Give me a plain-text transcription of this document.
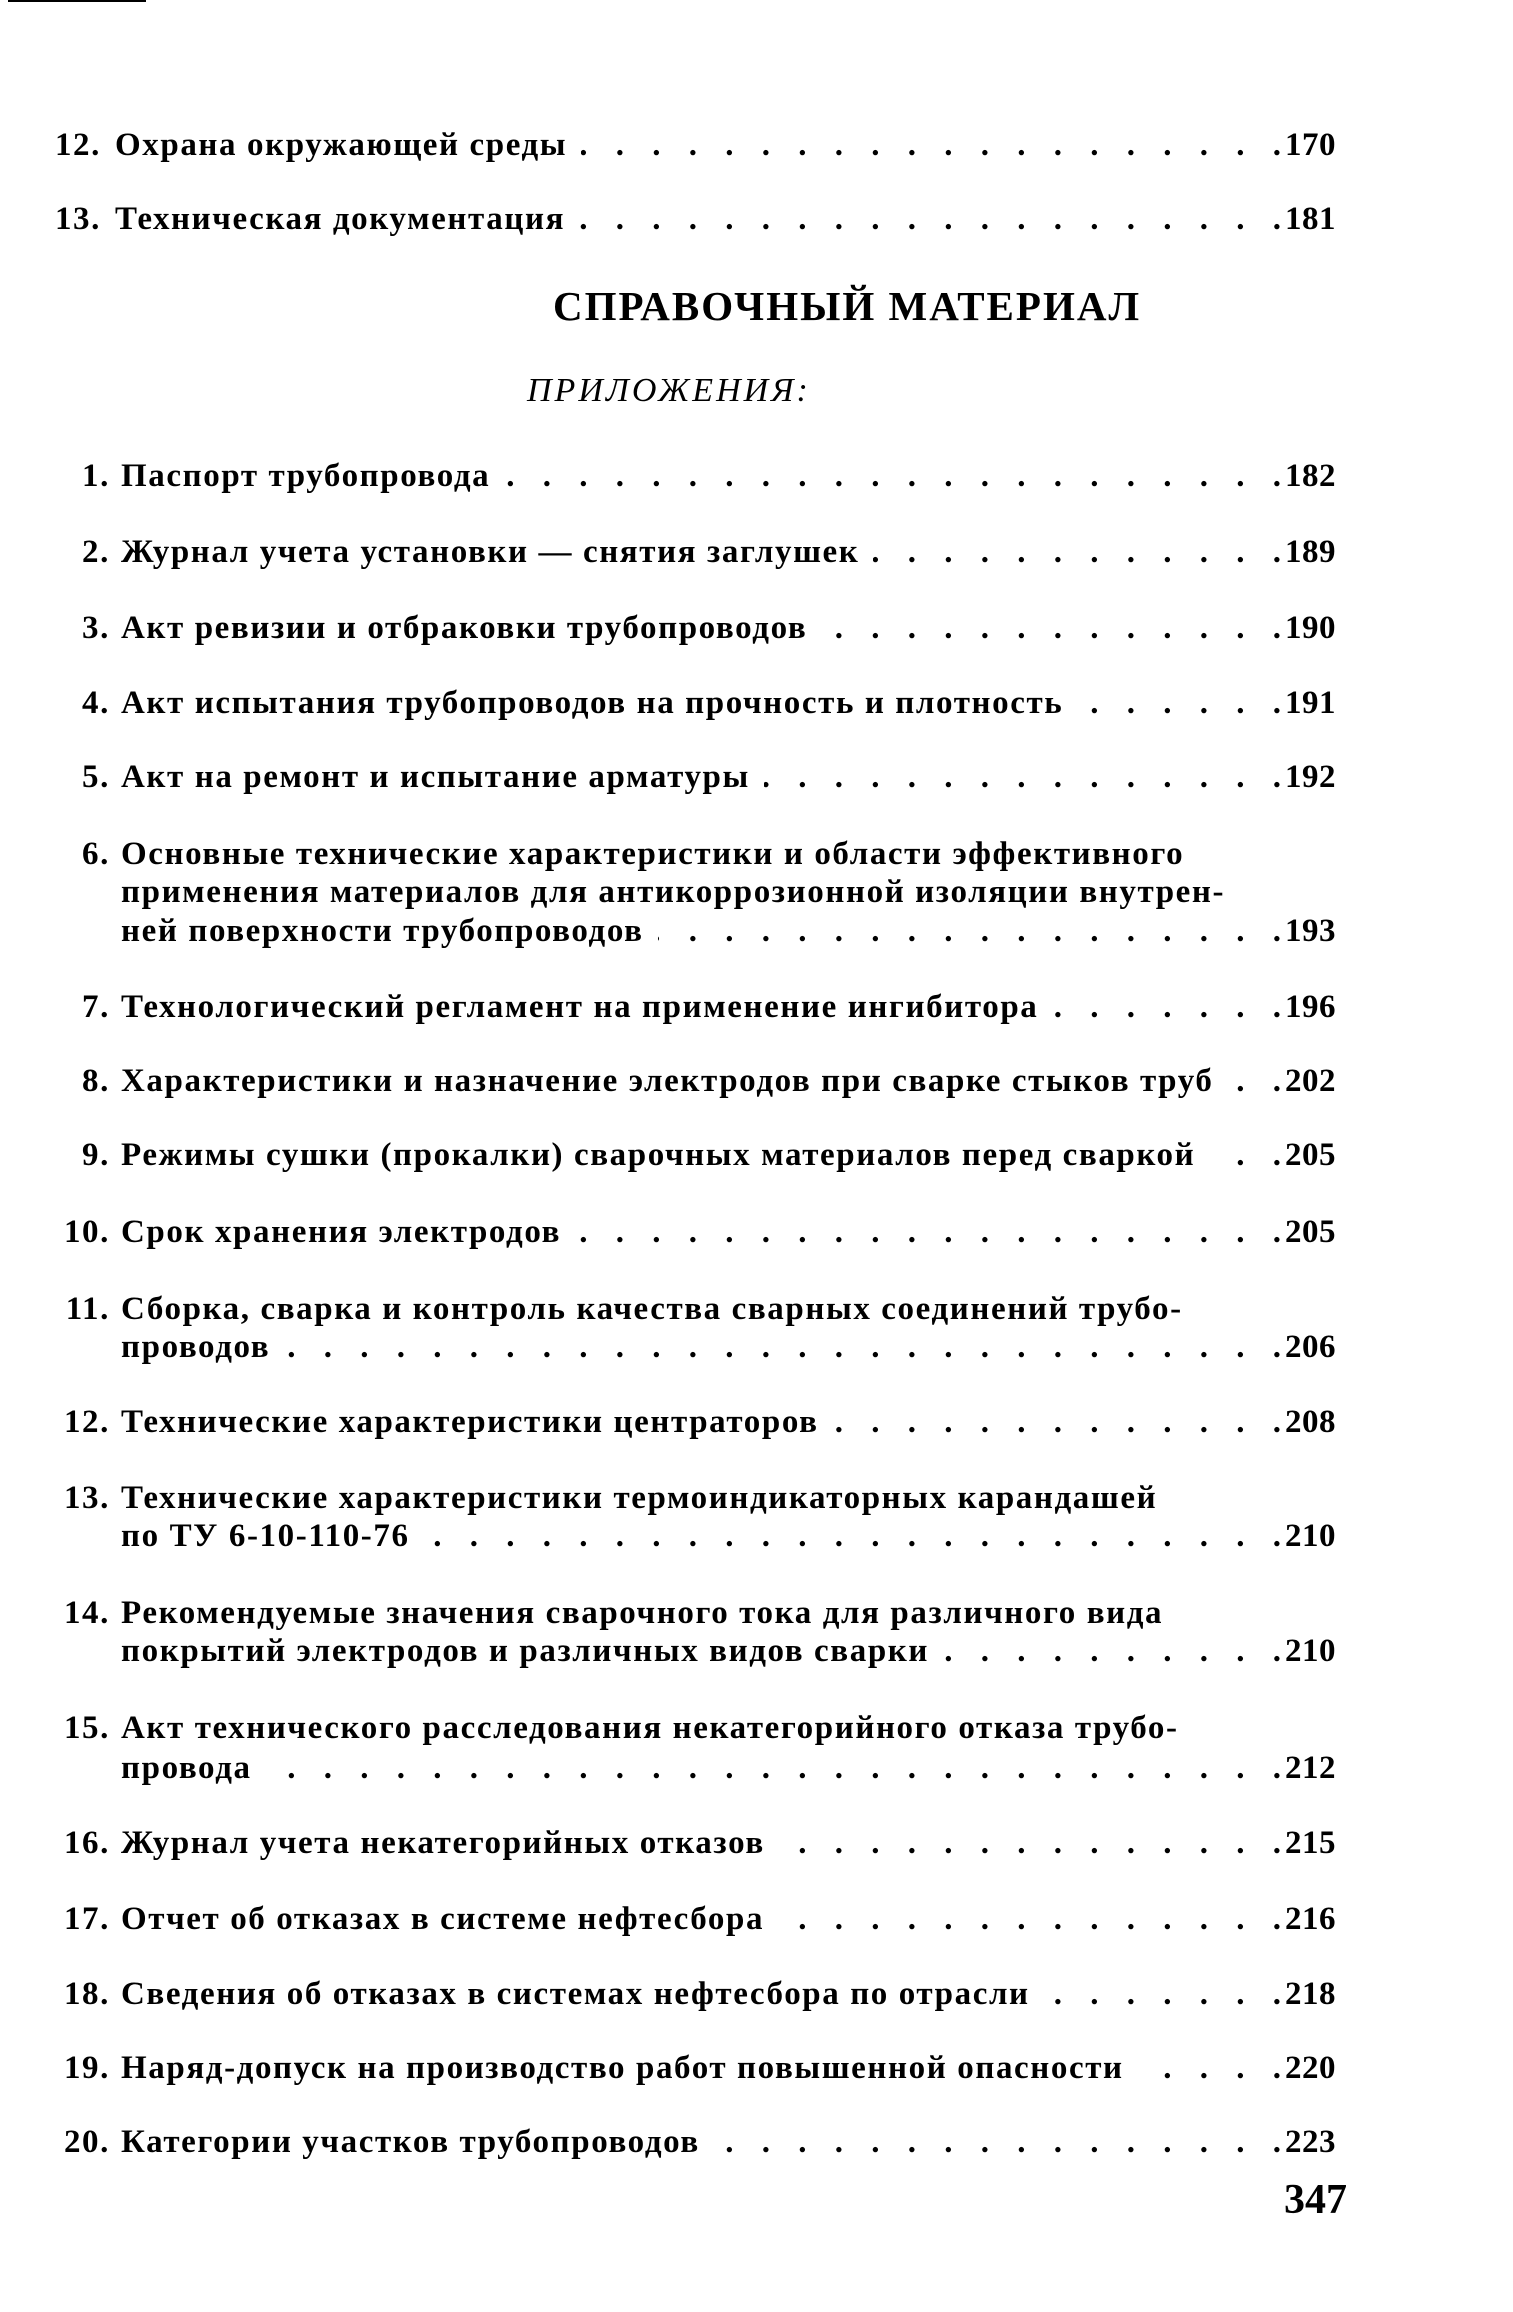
12. Охрана окружающей среды . . .	170
13. Техническая документация . . .	181
1. Паспорт трубопровода . . .	182
2. Журнал учета установки — снятия заглушек . . .	189
3. Акт ревизии и отбраковки трубопроводов . . .	190
4. Акт испытания трубопроводов на прочность и плотность . . .	191
5. Акт на ремонт и испытание арматуры . . .	192
6. Основные технические характеристики и области эффективного
применения материалов для антикоррозионной изоляции внутрен-
ней поверхности трубопроводов . . .	193
7. Технологический регламент на применение ингибитора . . .	196
8. Характеристики и назначение электродов при сварке стыков труб . . . 202
9. Режимы сушки (прокалки) сварочных материалов перед сваркой . . .	205
10. Срок хранения электродов . . .	205
11. Сборка, сварка и контроль качества сварных соединений трубо-
проводов . . .	206
12. Технические характеристики центраторов . . .	208
13. Технические характеристики термоиндикаторных карандашей
по ТУ 6-10-110-76 . . .	210
14. Рекомендуемые значения сварочного тока для различного вида
покрытий электродов и различных видов сварки . . .	210
15. Акт технического расследования некатегорийного отказа трубо-
провода . . .	212
16. Журнал учета некатегорийных отказов . . .	215
17. Отчет об отказах в системе нефтесбора . . .	216
18. Сведения об отказах в системах нефтесбора по отрасли . . .	218
19. Наряд-допуск на производство работ повышенной опасности . . .	220
20. Категории участков трубопроводов . . .	223
СПРАВОЧНЫЙ МАТЕРИАЛ
ПРИЛОЖЕНИЯ:
347
